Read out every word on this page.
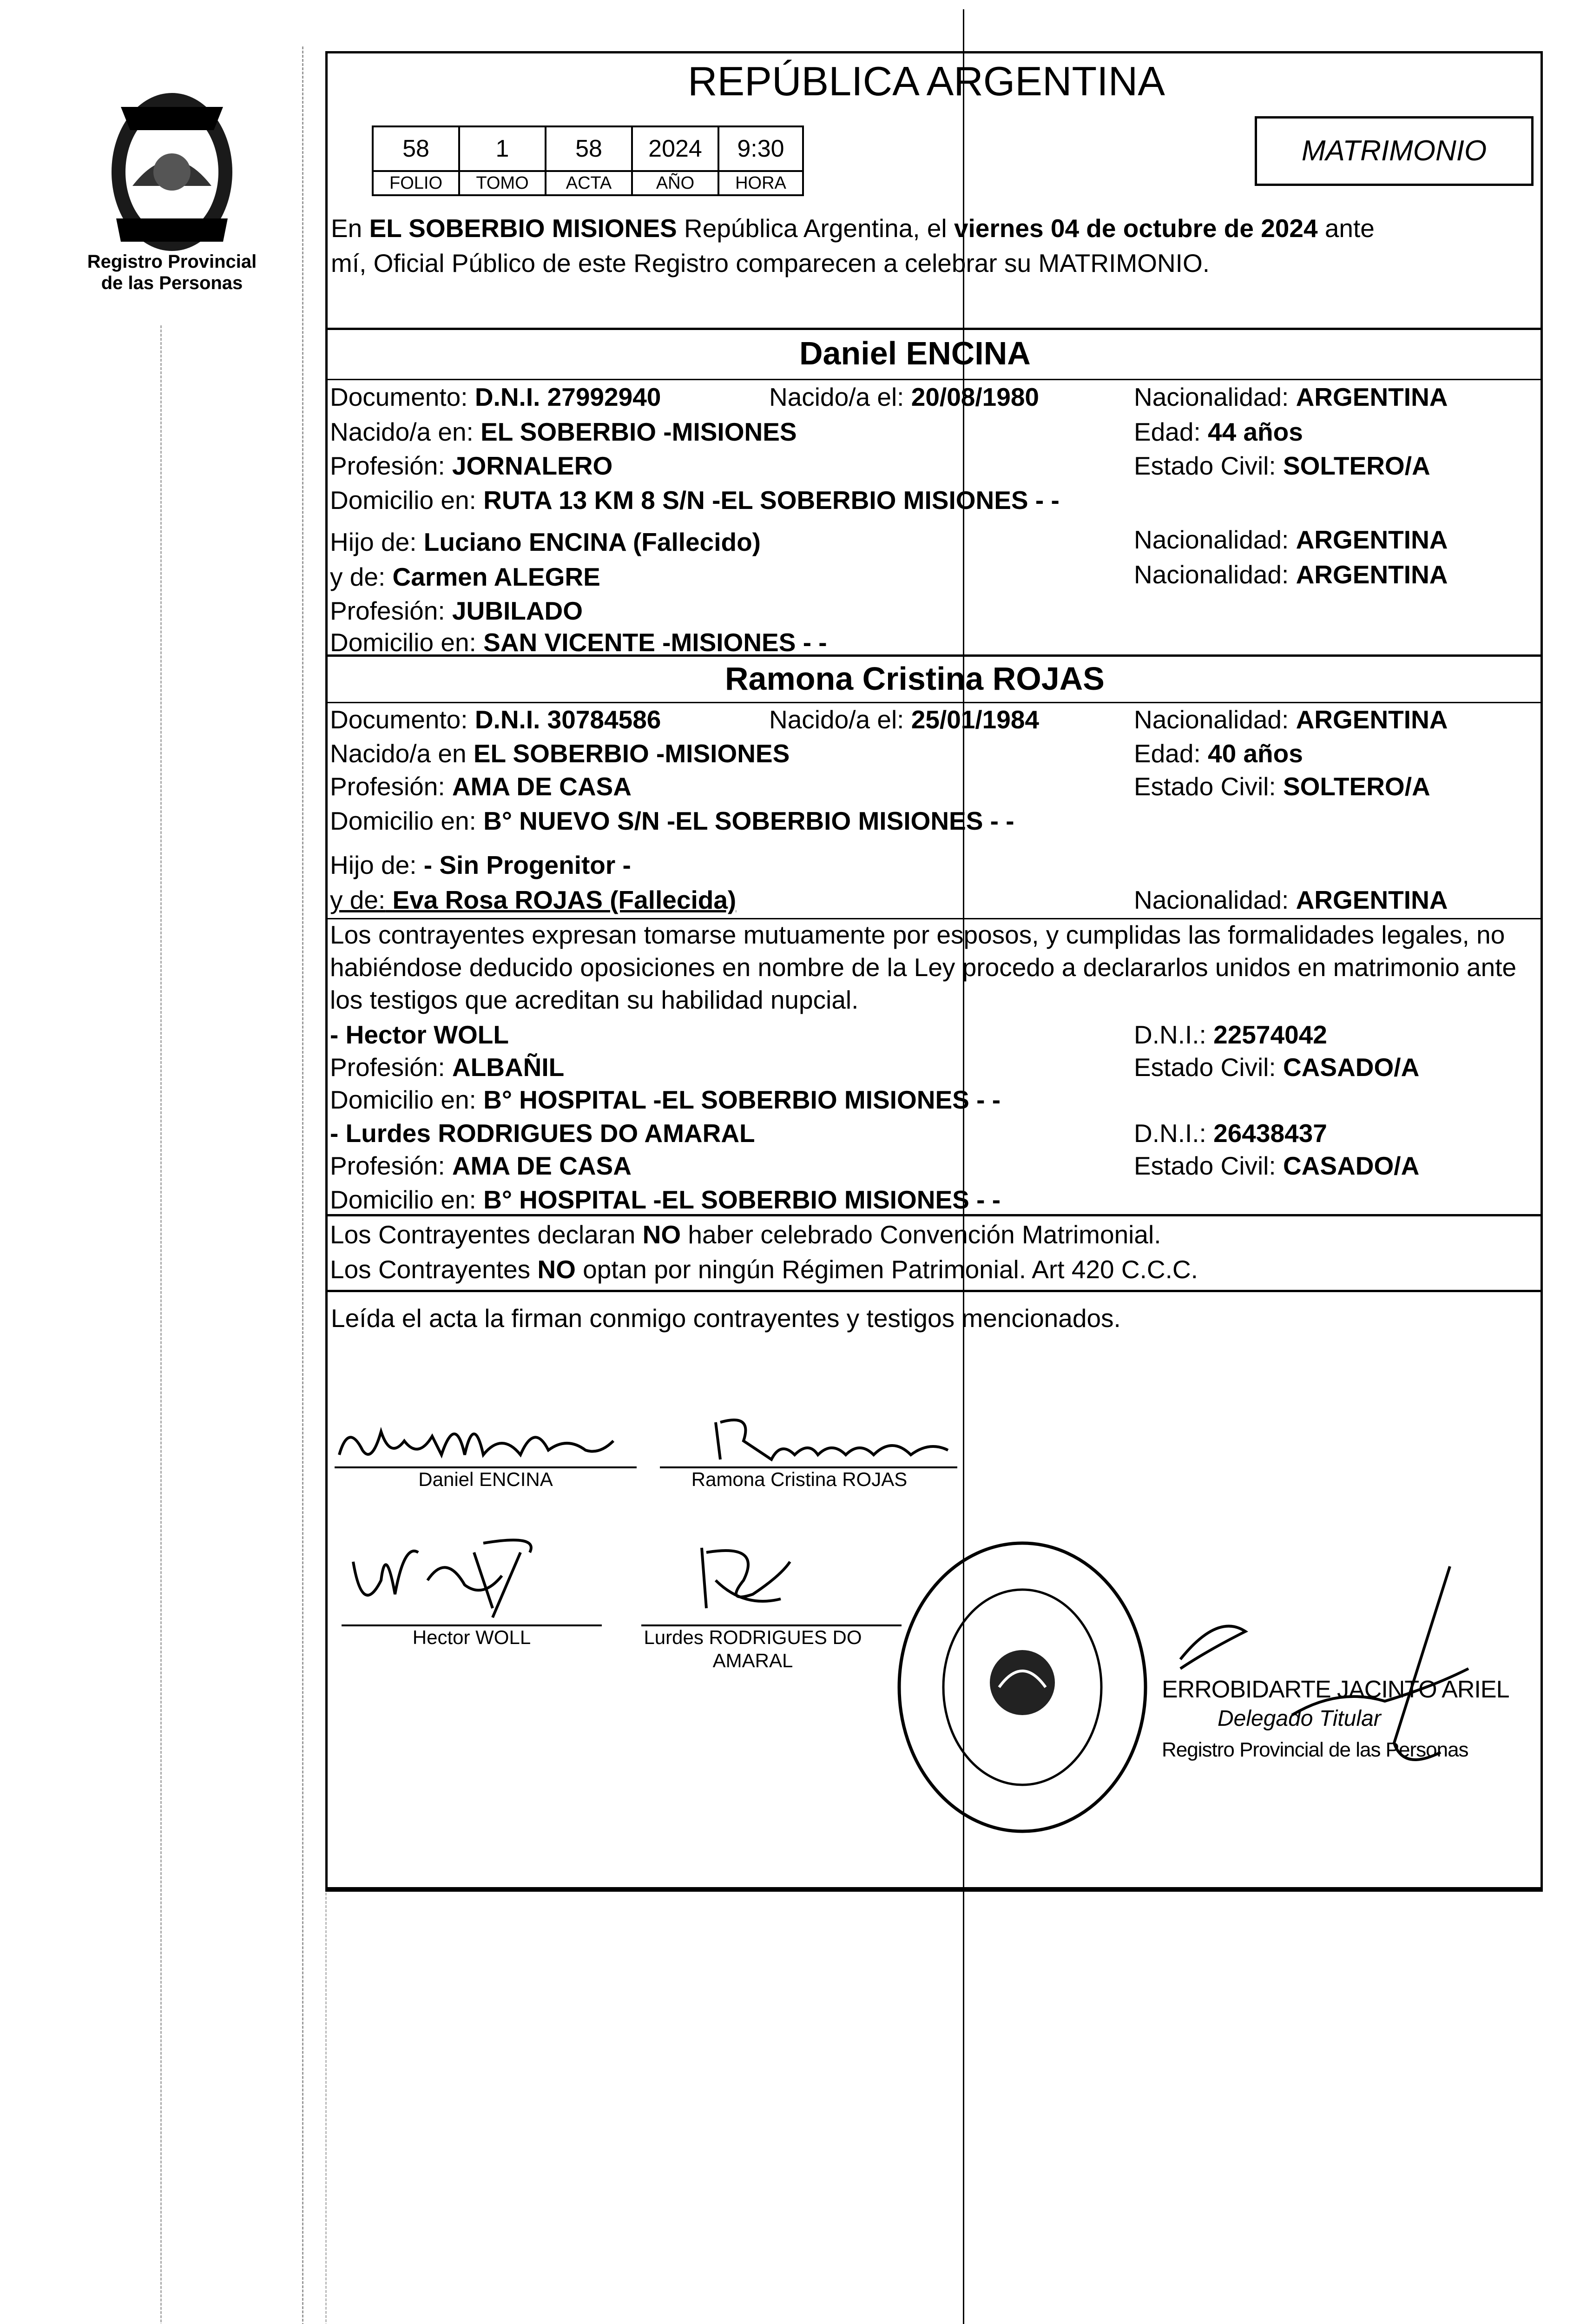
Registro Provincial
de las Personas
REPÚBLICA ARGENTINA
58	1	58	2024	9:30
FOLIO	TOMO	ACTA	AÑO	HORA
MATRIMONIO
En EL SOBERBIO MISIONES República Argentina, el viernes 04 de octubre de 2024 ante
mí, Oficial Público de este Registro comparecen a celebrar su MATRIMONIO.
Daniel ENCINA
Documento: D.N.I. 27992940	Nacido/a el: 20/08/1980	Nacionalidad: ARGENTINA
Nacido/a en: EL SOBERBIO -MISIONES	Edad: 44 años
Profesión: JORNALERO	Estado Civil: SOLTERO/A
Domicilio en: RUTA 13 KM 8 S/N -EL SOBERBIO MISIONES - -
Hijo de: Luciano ENCINA (Fallecido)	Nacionalidad: ARGENTINA
y de: Carmen ALEGRE	Nacionalidad: ARGENTINA
Profesión: JUBILADO
Domicilio en: SAN VICENTE -MISIONES - -
Ramona Cristina ROJAS
Documento: D.N.I. 30784586	Nacido/a el: 25/01/1984	Nacionalidad: ARGENTINA
Nacido/a en EL SOBERBIO -MISIONES	Edad: 40 años
Profesión: AMA DE CASA	Estado Civil: SOLTERO/A
Domicilio en: B° NUEVO S/N -EL SOBERBIO MISIONES - -
Hijo de: - Sin Progenitor -
y de: Eva Rosa ROJAS (Fallecida)	Nacionalidad: ARGENTINA
Los contrayentes expresan tomarse mutuamente por esposos, y cumplidas las formalidades legales, no
habiéndose deducido oposiciones en nombre de la Ley procedo a declararlos unidos en matrimonio ante
los testigos que acreditan su habilidad nupcial.
- Hector WOLL	D.N.I.: 22574042
Profesión: ALBAÑIL	Estado Civil: CASADO/A
Domicilio en: B° HOSPITAL -EL SOBERBIO MISIONES - -
- Lurdes RODRIGUES DO AMARAL	D.N.I.: 26438437
Profesión: AMA DE CASA	Estado Civil: CASADO/A
Domicilio en: B° HOSPITAL -EL SOBERBIO MISIONES - -
Los Contrayentes declaran NO haber celebrado Convención Matrimonial.
Los Contrayentes NO optan por ningún Régimen Patrimonial. Art 420 C.C.C.
Leída el acta la firman conmigo contrayentes y testigos mencionados.
Daniel ENCINA	Ramona Cristina ROJAS
Hector WOLL	Lurdes RODRIGUES DO
AMARAL
ERROBIDARTE JACINTO ARIEL
Delegado Titular
Registro Provincial de las Personas
